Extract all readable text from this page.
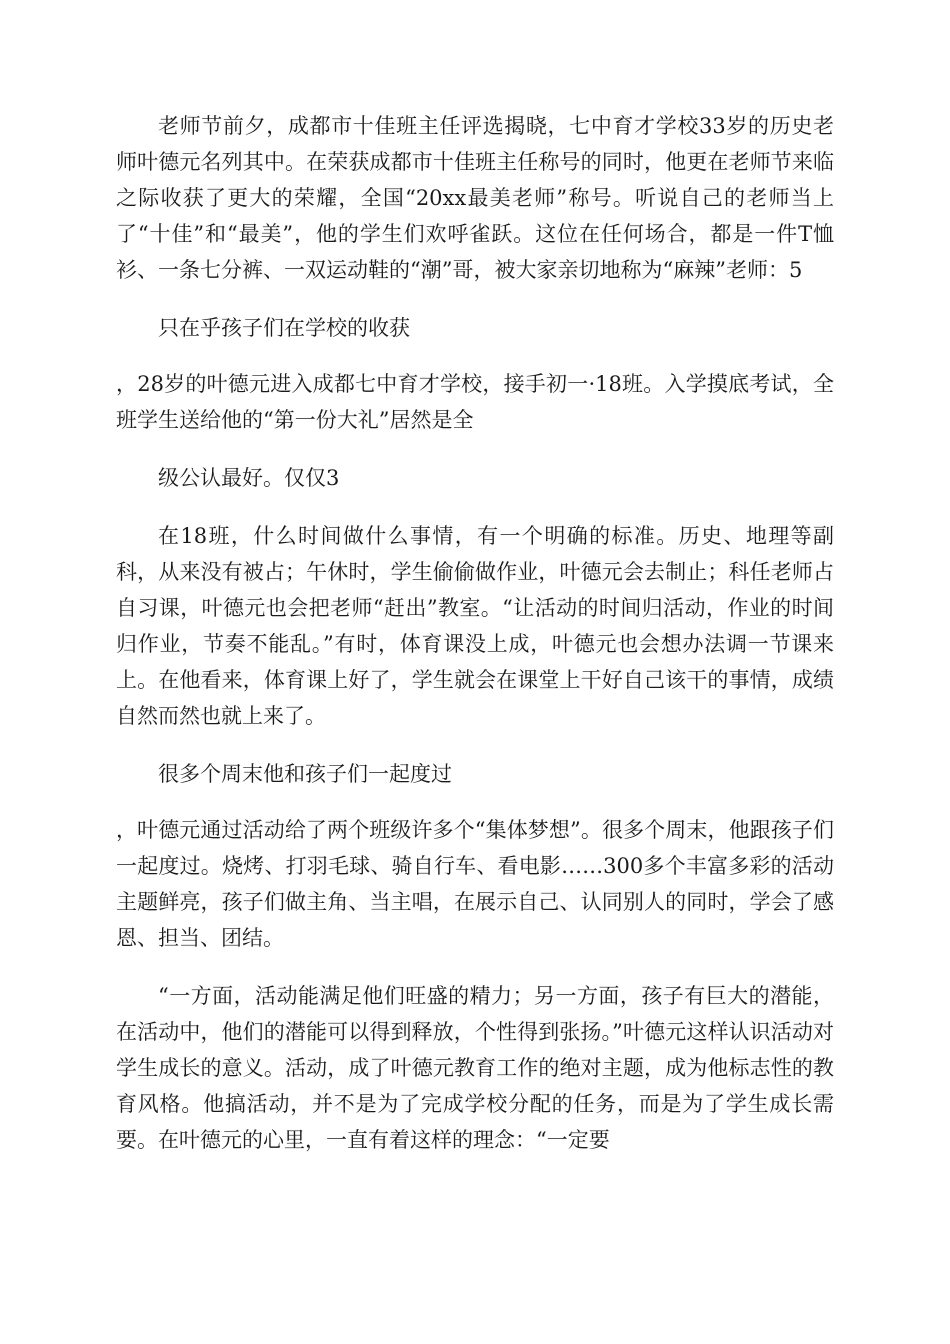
老师节前夕，成都市十佳班主任评选揭晓，七中育才学校33岁的历史老师叶德元名列其中。在荣获成都市十佳班主任称号的同时，他更在老师节来临之际收获了更大的荣耀，全国“20xx最美老师”称号。听说自己的老师当上了“十佳”和“最美”，他的学生们欢呼雀跃。这位在任何场合，都是一件T恤衫、一条七分裤、一双运动鞋的“潮”哥，被大家亲切地称为“麻辣”老师：5

只在乎孩子们在学校的收获

，28岁的叶德元进入成都七中育才学校，接手初一·18班。入学摸底考试，全班学生送给他的“第一份大礼”居然是全

级公认最好。仅仅3

在18班，什么时间做什么事情，有一个明确的标准。历史、地理等副科，从来没有被占；午休时，学生偷偷做作业，叶德元会去制止；科任老师占自习课，叶德元也会把老师“赶出”教室。“让活动的时间归活动，作业的时间归作业，节奏不能乱。”有时，体育课没上成，叶德元也会想办法调一节课来上。在他看来，体育课上好了，学生就会在课堂上干好自己该干的事情，成绩自然而然也就上来了。

很多个周末他和孩子们一起度过

，叶德元通过活动给了两个班级许多个“集体梦想”。很多个周末，他跟孩子们一起度过。烧烤、打羽毛球、骑自行车、看电影……300多个丰富多彩的活动主题鲜亮，孩子们做主角、当主唱，在展示自己、认同别人的同时，学会了感恩、担当、团结。

“一方面，活动能满足他们旺盛的精力；另一方面，孩子有巨大的潜能，在活动中，他们的潜能可以得到释放，个性得到张扬。”叶德元这样认识活动对学生成长的意义。活动，成了叶德元教育工作的绝对主题，成为他标志性的教育风格。他搞活动，并不是为了完成学校分配的任务，而是为了学生成长需要。在叶德元的心里，一直有着这样的理念：“一定要
